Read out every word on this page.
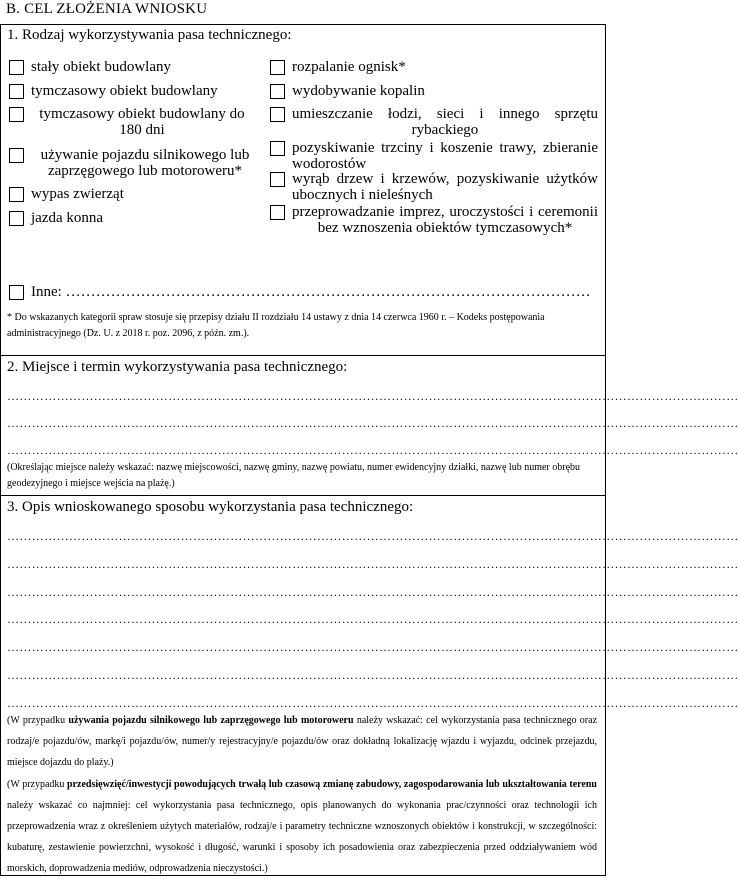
B. CEL ZŁOŻENIA WNIOSKU
1. Rodzaj wykorzystywania pasa technicznego:
stały obiekt budowlany
tymczasowy obiekt budowlany
tymczasowy obiekt budowlany do 180 dni
używanie pojazdu silnikowego lub zaprzęgowego lub motoroweru*
wypas zwierząt
jazda konna
rozpalanie ognisk*
wydobywanie kopalin
umieszczanie łodzi, sieci i innego sprzętu rybackiego
pozyskiwanie trzciny i koszenie trawy, zbieranie wodorostów
wyrąb drzew i krzewów, pozyskiwanie użytków ubocznych i nieleśnych
przeprowadzanie imprez, uroczystości i ceremonii bez wznoszenia obiektów tymczasowych*
Inne: ……………………………………………………………………………………………
* Do wskazanych kategorii spraw stosuje się przepisy działu II rozdziału 14 ustawy z dnia 14 czerwca 1960 r. – Kodeks postępowania administracyjnego (Dz. U. z 2018 r. poz. 2096, z późn. zm.).
2. Miejsce i termin wykorzystywania pasa technicznego:
……………………………………………………………………………………………………………………………………………………………
……………………………………………………………………………………………………………………………………………………………
……………………………………………………………………………………………………………………………………………………………
(Określając miejsce należy wskazać: nazwę miejscowości, nazwę gminy, nazwę powiatu, numer ewidencyjny działki, nazwę lub numer obrębu geodezyjnego i miejsce wejścia na plażę.)
3. Opis wnioskowanego sposobu wykorzystania pasa technicznego:
……………………………………………………………………………………………………………………………………………………………
……………………………………………………………………………………………………………………………………………………………
……………………………………………………………………………………………………………………………………………………………
……………………………………………………………………………………………………………………………………………………………
……………………………………………………………………………………………………………………………………………………………
……………………………………………………………………………………………………………………………………………………………
……………………………………………………………………………………………………………………………………………………………
(W przypadku używania pojazdu silnikowego lub zaprzęgowego lub motoroweru należy wskazać: cel wykorzystania pasa technicznego oraz rodzaj/e pojazdu/ów, markę/i pojazdu/ów, numer/y rejestracyjny/e pojazdu/ów oraz dokładną lokalizację wjazdu i wyjazdu, odcinek przejazdu, miejsce dojazdu do plaży.)
(W przypadku przedsięwzięć/inwestycji powodujących trwałą lub czasową zmianę zabudowy, zagospodarowania lub ukształtowania terenu należy wskazać co najmniej: cel wykorzystania pasa technicznego, opis planowanych do wykonania prac/czynności oraz technologii ich przeprowadzenia wraz z określeniem użytych materiałów, rodzaj/e i parametry techniczne wznoszonych obiektów i konstrukcji, w szczególności: kubaturę, zestawienie powierzchni, wysokość i długość, warunki i sposoby ich posadowienia oraz zabezpieczenia przed oddziaływaniem wód morskich, doprowadzenia mediów, odprowadzenia nieczystości.)
